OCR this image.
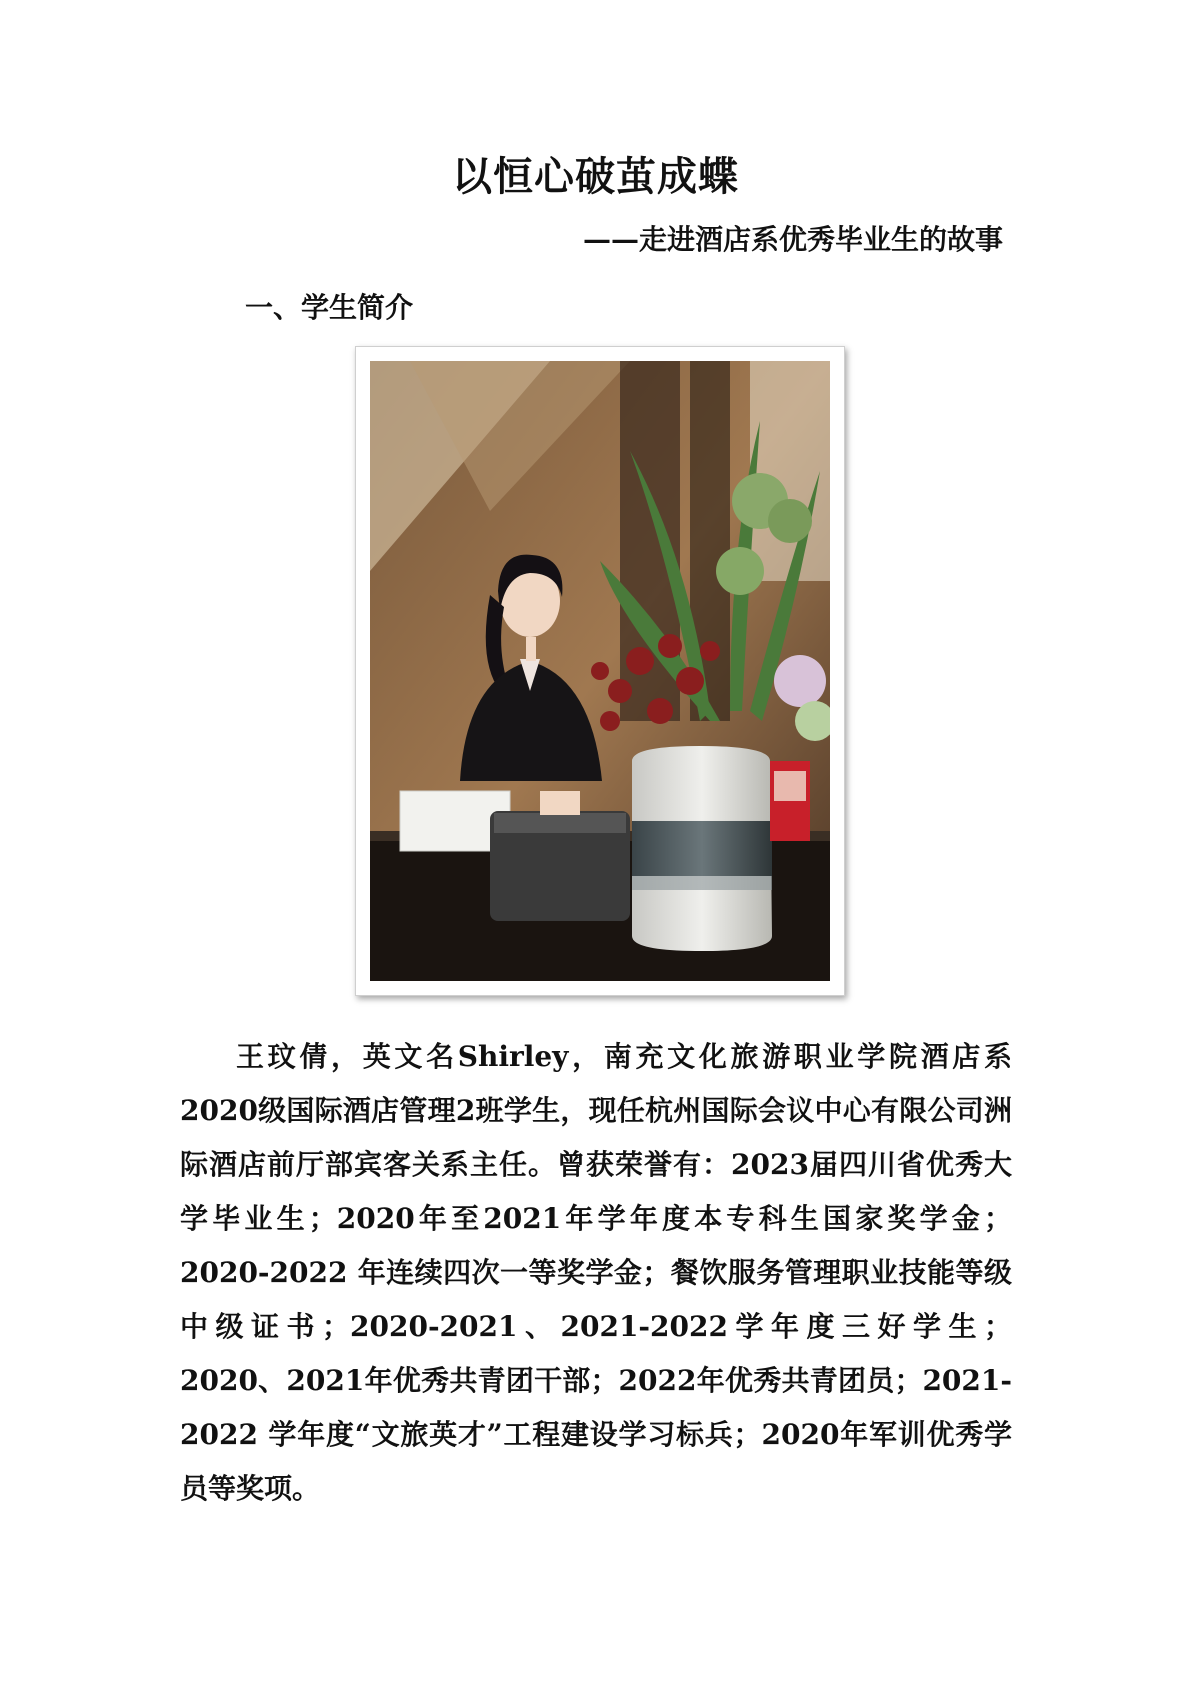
以恒心破茧成蝶
——走进酒店系优秀毕业生的故事
一、学生简介

王玟倩，英文名Shirley，南充文化旅游职业学院酒店系2020级国际酒店管理2班学生，现任杭州国际会议中心有限公司洲际酒店前厅部宾客关系主任。曾获荣誉有：2023届四川省优秀大学毕业生；2020年至2021年学年度本专科生国家奖学金；2020-2022 年连续四次一等奖学金；餐饮服务管理职业技能等级中级证书；2020-2021、2021-2022学年度三好学生；2020、2021年优秀共青团干部；2022年优秀共青团员；2021-2022 学年度“文旅英才”工程建设学习标兵；2020年军训优秀学员等奖项。
